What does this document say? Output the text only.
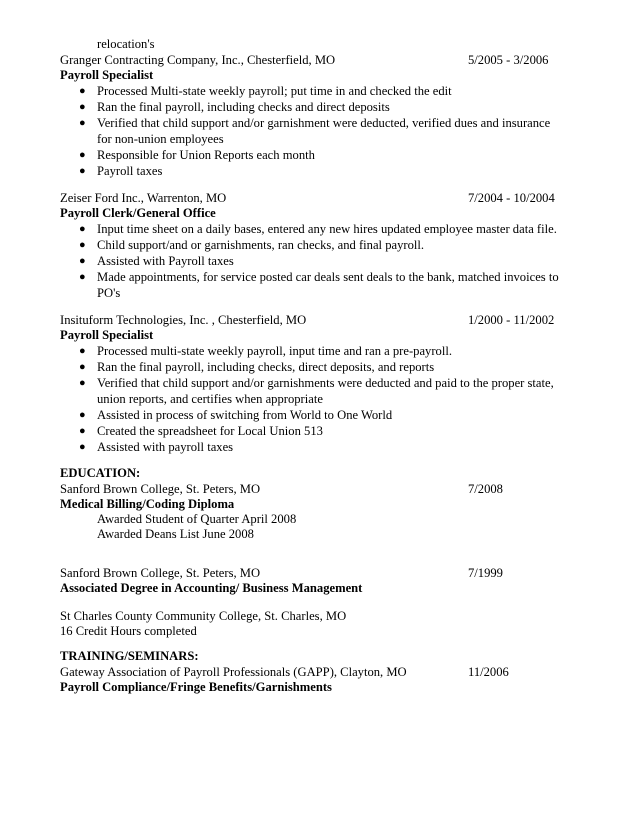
relocation's
Granger Contracting Company, Inc., Chesterfield, MO	5/2005 - 3/2006
Payroll Specialist
● Processed Multi-state weekly payroll; put time in and checked the edit
● Ran the final payroll, including checks and direct deposits
● Verified that child support and/or garnishment were deducted, verified dues and insurance for non-union employees
● Responsible for Union Reports each month
● Payroll taxes
Zeiser Ford Inc., Warrenton, MO	7/2004 - 10/2004
Payroll Clerk/General Office
● Input time sheet on a daily bases, entered any new hires updated employee master data file.
● Child support/and or garnishments, ran checks, and final payroll.
● Assisted with Payroll taxes
● Made appointments, for service posted car deals sent deals to the bank, matched invoices to PO's
Insituform Technologies, Inc. , Chesterfield, MO	1/2000 - 11/2002
Payroll Specialist
● Processed multi-state weekly payroll, input time and ran a pre-payroll.
● Ran the final payroll, including checks, direct deposits, and reports
● Verified that child support and/or garnishments were deducted and paid to the proper state, union reports, and certifies when appropriate
● Assisted in process of switching from World to One World
● Created the spreadsheet for Local Union 513
● Assisted with payroll taxes
EDUCATION:
Sanford Brown College, St. Peters, MO	7/2008
Medical Billing/Coding Diploma
Awarded Student of Quarter April 2008
Awarded Deans List June 2008
Sanford Brown College, St. Peters, MO	7/1999
Associated Degree in Accounting/ Business Management
St Charles County Community College, St. Charles, MO
16 Credit Hours completed
TRAINING/SEMINARS:
Gateway Association of Payroll Professionals (GAPP), Clayton, MO	11/2006
Payroll Compliance/Fringe Benefits/Garnishments
